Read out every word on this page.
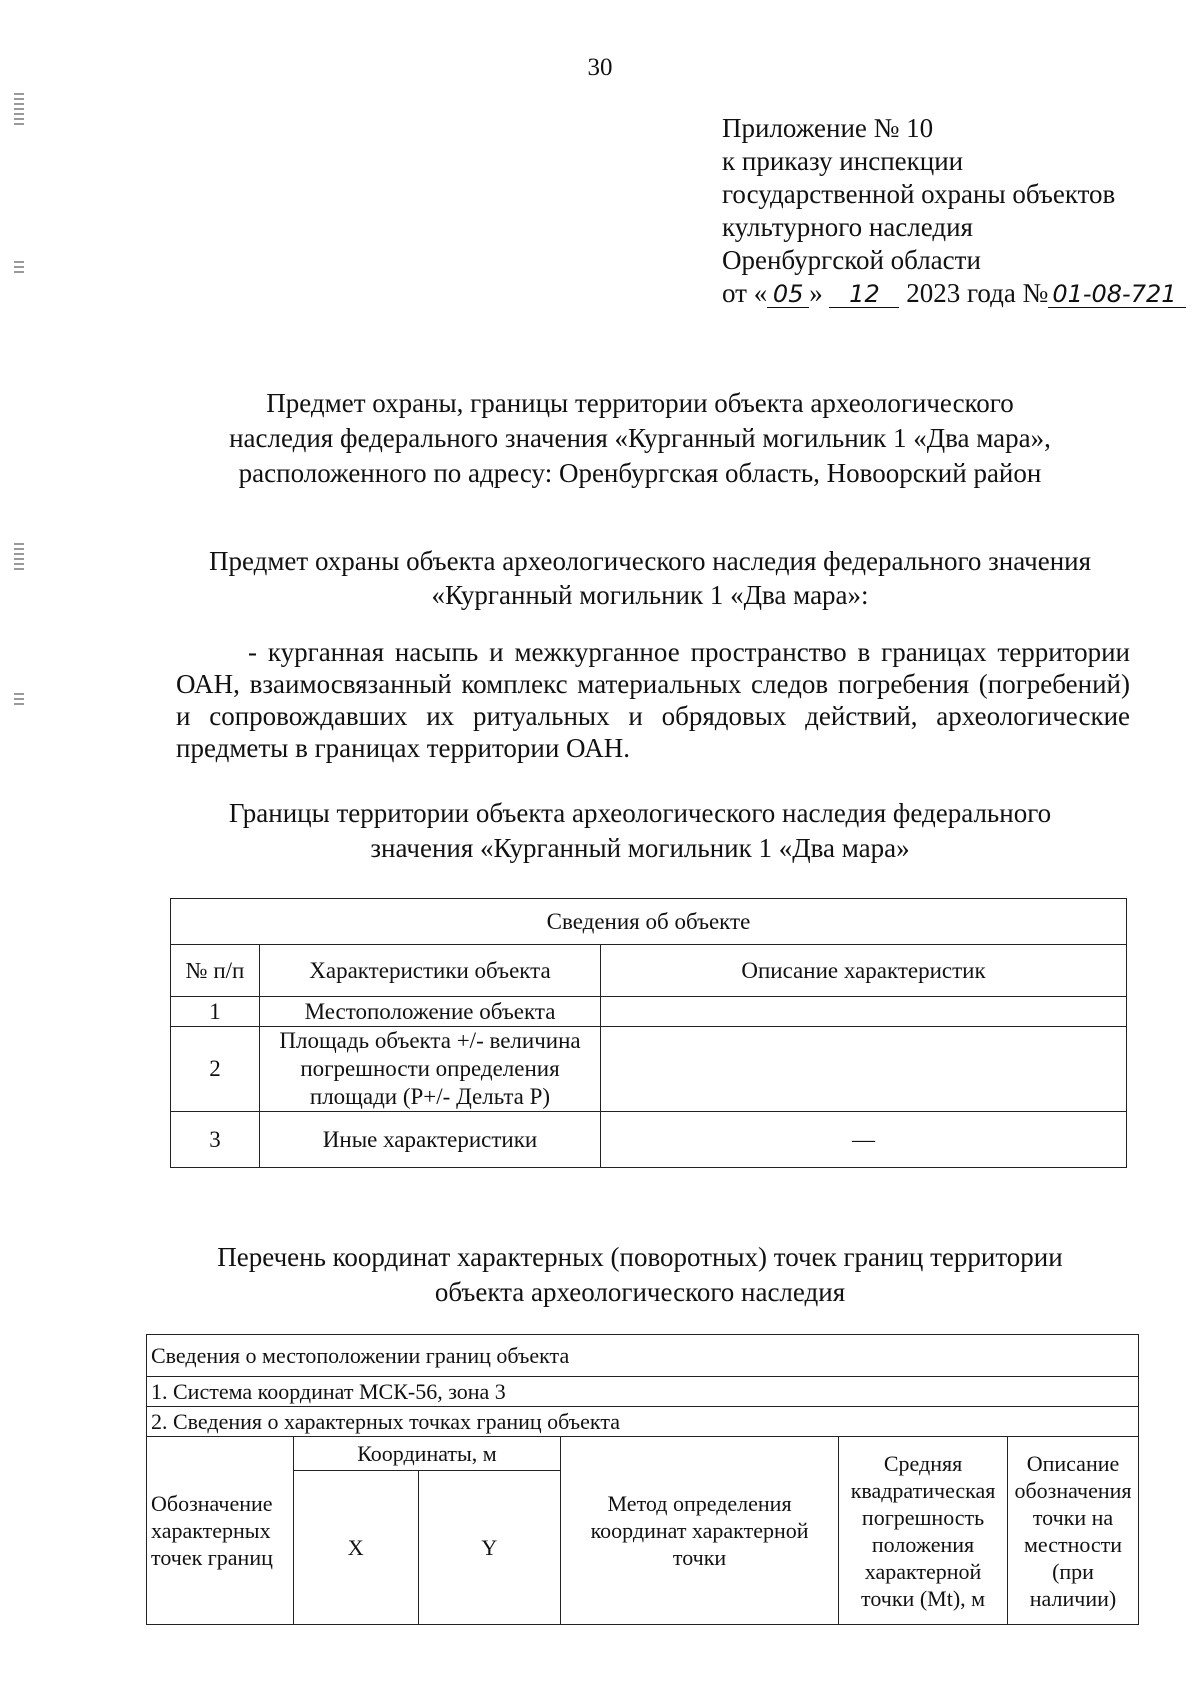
30
Приложение № 10
к приказу инспекции
государственной охраны объектов
культурного наследия
Оренбургской области
от « 05 » 12 2023 года № 01-08-721
Предмет охраны, границы территории объекта археологического
наследия федерального значения «Курганный могильник 1 «Два мара»,
расположенного по адресу: Оренбургская область, Новоорский район
Предмет охраны объекта археологического наследия федерального значения
«Курганный могильник 1 «Два мара»:
- курганная насыпь и межкурганное пространство в границах территории ОАН, взаимосвязанный комплекс материальных следов погребения (погребений) и сопровождавших их ритуальных и обрядовых действий, археологические предметы в границах территории ОАН.
Границы территории объекта археологического наследия федерального
значения «Курганный могильник 1 «Два мара»
Сведения об объекте		
№ п/п	Характеристики объекта	Описание характеристик
1	Местоположение объекта	
2	Площадь объекта +/- величина погрешности определения площади (P+/- Дельта P)	
3	Иные характеристики	—
Перечень координат характерных (поворотных) точек границ территории
объекта археологического наследия
Сведения о местоположении границ объекта					
1. Система координат МСК-56, зона 3					
2. Сведения о характерных точках границ объекта					
Обозначение характерных точек границ	Координаты, м		Метод определения координат характерной точки	Средняя квадратическая погрешность положения характерной точки (Mt), м	Описание обозначения точки на местности (при наличии)
	X	Y			
